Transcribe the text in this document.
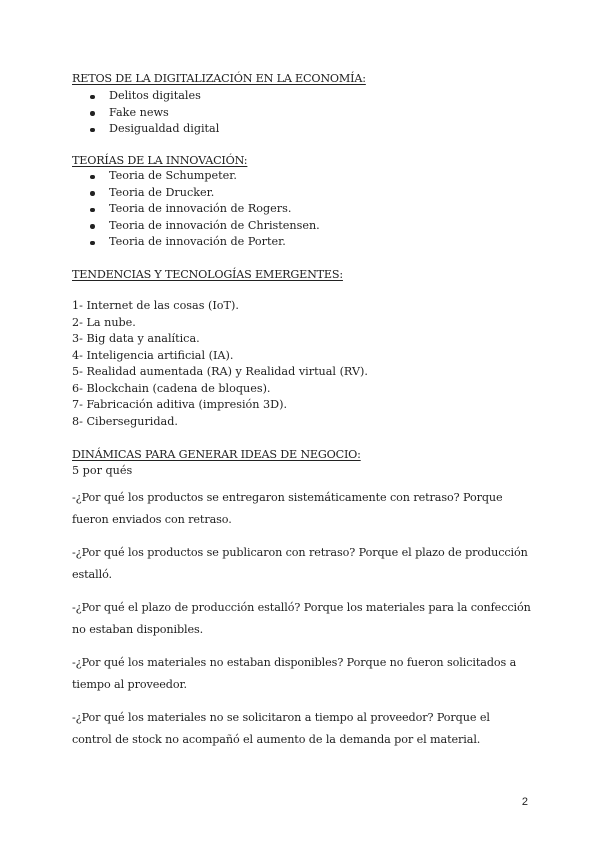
RETOS DE LA DIGITALIZACIÓN EN LA ECONOMÍA:
Delitos digitales
Fake news
Desigualdad digital
TEORÍAS DE LA INNOVACIÓN:
Teoria de Schumpeter.
Teoria de Drucker.
Teoria de innovación de Rogers.
Teoria de innovación de Christensen.
Teoria de innovación de Porter.
TENDENCIAS Y TECNOLOGÍAS EMERGENTES:
1- Internet de las cosas (IoT).
2- La nube.
3- Big data y analítica.
4- Inteligencia artificial (IA).
5- Realidad aumentada (RA) y Realidad virtual (RV).
6- Blockchain (cadena de bloques).
7- Fabricación aditiva (impresión 3D).
8- Ciberseguridad.
DINÁMICAS PARA GENERAR IDEAS DE NEGOCIO:
5 por qués
-¿Por qué los productos se entregaron sistemáticamente con retraso? Porque fueron enviados con retraso.
-¿Por qué los productos se publicaron con retraso? Porque el plazo de producción estalló.
-¿Por qué el plazo de producción estalló? Porque los materiales para la confección no estaban disponibles.
-¿Por qué los materiales no estaban disponibles? Porque no fueron solicitados a tiempo al proveedor.
-¿Por qué los materiales no se solicitaron a tiempo al proveedor? Porque el control de stock no acompañó el aumento de la demanda por el material.
2
